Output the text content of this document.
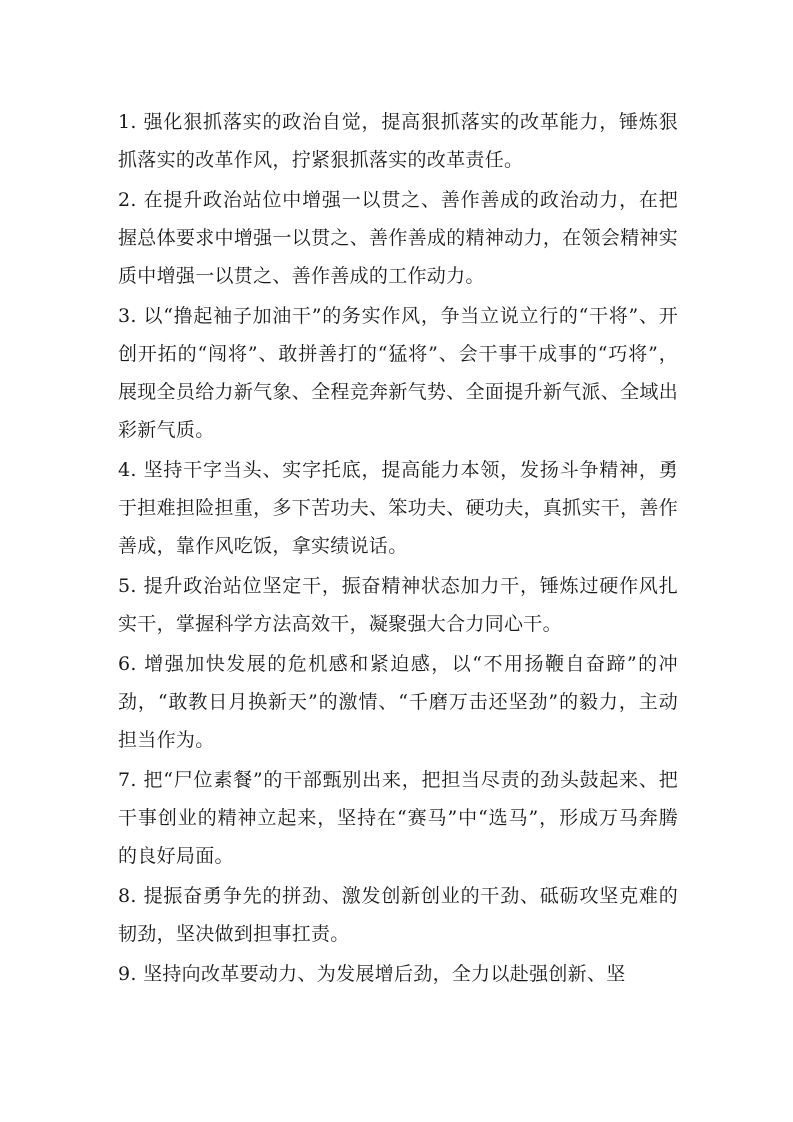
1. 强化狠抓落实的政治自觉，提高狠抓落实的改革能力，锤炼狠抓落实的改革作风，拧紧狠抓落实的改革责任。

2. 在提升政治站位中增强一以贯之、善作善成的政治动力，在把握总体要求中增强一以贯之、善作善成的精神动力，在领会精神实质中增强一以贯之、善作善成的工作动力。

3. 以“撸起袖子加油干”的务实作风，争当立说立行的“干将”、开创开拓的“闯将”、敢拼善打的“猛将”、会干事干成事的“巧将”，展现全员给力新气象、全程竞奔新气势、全面提升新气派、全域出彩新气质。

4. 坚持干字当头、实字托底，提高能力本领，发扬斗争精神，勇于担难担险担重，多下苦功夫、笨功夫、硬功夫，真抓实干，善作善成，靠作风吃饭，拿实绩说话。

5. 提升政治站位坚定干，振奋精神状态加力干，锤炼过硬作风扎实干，掌握科学方法高效干，凝聚强大合力同心干。

6. 增强加快发展的危机感和紧迫感，以“不用扬鞭自奋蹄”的冲劲，“敢教日月换新天”的激情、“千磨万击还坚劲”的毅力，主动担当作为。

7. 把“尸位素餐”的干部甄别出来，把担当尽责的劲头鼓起来、把干事创业的精神立起来，坚持在“赛马”中“选马”，形成万马奔腾的良好局面。

8. 提振奋勇争先的拼劲、激发创新创业的干劲、砥砺攻坚克难的韧劲，坚决做到担事扛责。

9. 坚持向改革要动力、为发展增后劲，全力以赴强创新、坚
